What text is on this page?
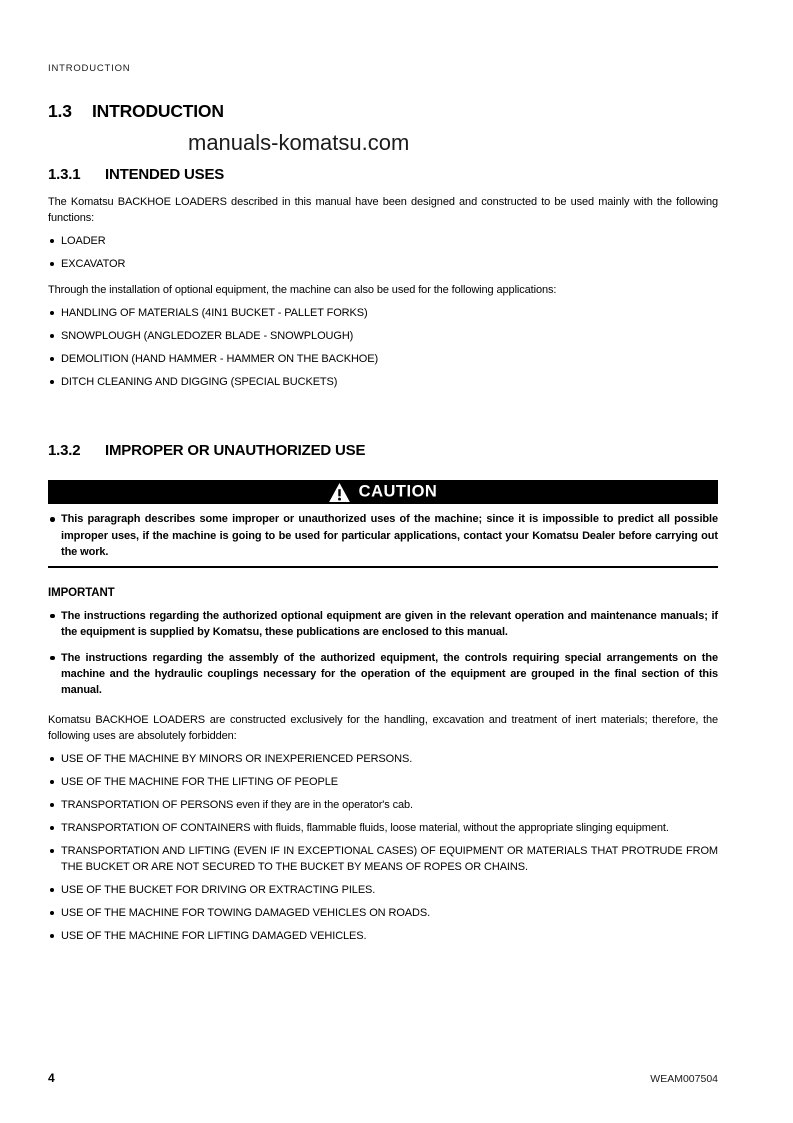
INTRODUCTION
1.3 INTRODUCTION
manuals-komatsu.com
1.3.1 INTENDED USES

The Komatsu BACKHOE LOADERS described in this manual have been designed and constructed to be used mainly with the following functions:

LOADER
EXCAVATOR

Through the installation of optional equipment, the machine can also be used for the following applications:

HANDLING OF MATERIALS (4IN1 BUCKET - PALLET FORKS)
SNOWPLOUGH (ANGLEDOZER BLADE - SNOWPLOUGH)
DEMOLITION (HAND HAMMER - HAMMER ON THE BACKHOE)
DITCH CLEANING AND DIGGING (SPECIAL BUCKETS)
1.3.2 IMPROPER OR UNAUTHORIZED USE
CAUTION
This paragraph describes some improper or unauthorized uses of the machine; since it is impossible to predict all possible improper uses, if the machine is going to be used for particular applications, contact your Komatsu Dealer before carrying out the work.
IMPORTANT
The instructions regarding the authorized optional equipment are given in the relevant operation and maintenance manuals; if the equipment is supplied by Komatsu, these publications are enclosed to this manual.
The instructions regarding the assembly of the authorized equipment, the controls requiring special arrangements on the machine and the hydraulic couplings necessary for the operation of the equipment are grouped in the final section of this manual.

Komatsu BACKHOE LOADERS are constructed exclusively for the handling, excavation and treatment of inert materials; therefore, the following uses are absolutely forbidden:

USE OF THE MACHINE BY MINORS OR INEXPERIENCED PERSONS.
USE OF THE MACHINE FOR THE LIFTING OF PEOPLE
TRANSPORTATION OF PERSONS even if they are in the operator's cab.
TRANSPORTATION OF CONTAINERS with fluids, flammable fluids, loose material, without the appropriate slinging equipment.
TRANSPORTATION AND LIFTING (EVEN IF IN EXCEPTIONAL CASES) OF EQUIPMENT OR MATERIALS THAT PROTRUDE FROM THE BUCKET OR ARE NOT SECURED TO THE BUCKET BY MEANS OF ROPES OR CHAINS.
USE OF THE BUCKET FOR DRIVING OR EXTRACTING PILES.
USE OF THE MACHINE FOR TOWING DAMAGED VEHICLES ON ROADS.
USE OF THE MACHINE FOR LIFTING DAMAGED VEHICLES.
4	WEAM007504
